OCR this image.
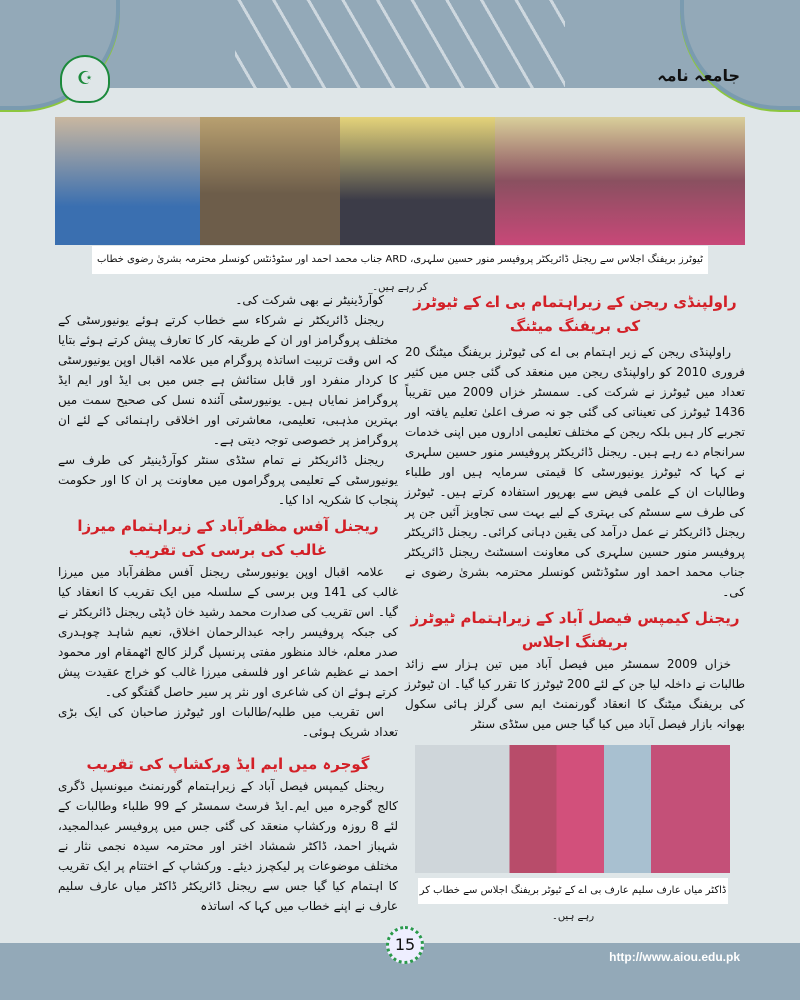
☪	جامعہ نامہ
ٹیوٹرز بریفنگ اجلاس سے ریجنل ڈائریکٹر پروفیسر منور حسین سلہری، ARD جناب محمد احمد اور سٹوڈنٹس کونسلر محترمہ بشریٰ رضوی خطاب کر رہے ہیں۔
راولپنڈی ریجن کے زیراہتمام بی اے کے ٹیوٹرز کی بریفنگ میٹنگ

راولپنڈی ریجن کے زیر اہتمام بی اے کی ٹیوٹرز بریفنگ میٹنگ 20 فروری 2010 کو راولپنڈی ریجن میں منعقد کی گئی جس میں کثیر تعداد میں ٹیوٹرز نے شرکت کی۔ سمسٹر خزاں 2009 میں تقریباً 1436 ٹیوٹرز کی تعیناتی کی گئی جو نہ صرف اعلیٰ تعلیم یافتہ اور تجربے کار ہیں بلکہ ریجن کے مختلف تعلیمی اداروں میں اپنی خدمات سرانجام دے رہے ہیں۔ ریجنل ڈائریکٹر پروفیسر منور حسین سلہری نے کہا کہ ٹیوٹرز یونیورسٹی کا قیمتی سرمایہ ہیں اور طلباء وطالبات ان کے علمی فیض سے بھرپور استفادہ کرتے ہیں۔ ٹیوٹرز کی طرف سے سسٹم کی بہتری کے لیے بہت سی تجاویز آئیں جن پر ریجنل ڈائریکٹر نے عمل درآمد کی یقین دہانی کرائی۔ ریجنل ڈائریکٹر پروفیسر منور حسین سلہری کی معاونت اسسٹنٹ ریجنل ڈائریکٹر جناب محمد احمد اور سٹوڈنٹس کونسلر محترمہ بشریٰ رضوی نے کی۔

ریجنل کیمپس فیصل آباد کے زیراہتمام ٹیوٹرز بریفنگ اجلاس

خزاں 2009 سمسٹر میں فیصل آباد میں تین ہزار سے زائد طالبات نے داخلہ لیا جن کے لئے 200 ٹیوٹرز کا تقرر کیا گیا۔ ان ٹیوٹرز کی بریفنگ میٹنگ کا انعقاد گورنمنٹ ایم سی گرلز ہائی سکول بھوانہ بازار فیصل آباد میں کیا گیا جس میں سٹڈی سنٹر

ڈاکٹر میاں عارف سلیم عارف بی اے کے ٹیوٹر بریفنگ اجلاس سے خطاب کر رہے ہیں۔

کوآرڈینیٹر نے بھی شرکت کی۔

ریجنل ڈائریکٹر نے شرکاء سے خطاب کرتے ہوئے یونیورسٹی کے مختلف پروگرامز اور ان کے طریقہ کار کا تعارف پیش کرتے ہوئے بتایا کہ اس وقت تربیت اساتذہ پروگرام میں علامہ اقبال اوپن یونیورسٹی کا کردار منفرد اور قابل ستائش ہے جس میں بی ایڈ اور ایم ایڈ پروگرامز نمایاں ہیں۔ یونیورسٹی آئندہ نسل کی صحیح سمت میں بہترین مذہبی، تعلیمی، معاشرتی اور اخلاقی راہنمائی کے لئے ان پروگرامز پر خصوصی توجہ دیتی ہے۔

ریجنل ڈائریکٹر نے تمام سٹڈی سنٹر کوآرڈینیٹر کی طرف سے یونیورسٹی کے تعلیمی پروگراموں میں معاونت پر ان کا اور حکومت پنجاب کا شکریہ ادا کیا۔

ریجنل آفس مظفرآباد کے زیراہتمام میرزا غالب کی برسی کی تقریب

علامہ اقبال اوپن یونیورسٹی ریجنل آفس مظفرآباد میں میرزا غالب کی 141 ویں برسی کے سلسلہ میں ایک تقریب کا انعقاد کیا گیا۔ اس تقریب کی صدارت محمد رشید خان ڈپٹی ریجنل ڈائریکٹر نے کی جبکہ پروفیسر راجہ عبدالرحمان اخلاق، نعیم شاہد چوہدری صدر معلم، خالد منظور مفتی پرنسپل گرلز کالج اٹھمقام اور محمود احمد نے عظیم شاعر اور فلسفی میرزا غالب کو خراج عقیدت پیش کرتے ہوئے ان کی شاعری اور نثر پر سیر حاصل گفتگو کی۔

اس تقریب میں طلبہ/طالبات اور ٹیوٹرز صاحبان کی ایک بڑی تعداد شریک ہوئی۔

گوجرہ میں ایم ایڈ ورکشاپ کی تقریب

ریجنل کیمپس فیصل آباد کے زیراہتمام گورنمنٹ میونسپل ڈگری کالج گوجرہ میں ایم۔ایڈ فرسٹ سمسٹر کے 99 طلباء وطالبات کے لئے 8 روزہ ورکشاپ منعقد کی گئی جس میں پروفیسر عبدالمجید، شہباز احمد، ڈاکٹر شمشاد اختر اور محترمہ سیدہ نجمی نثار نے مختلف موضوعات پر لیکچرز دیئے۔ ورکشاپ کے اختتام پر ایک تقریب کا اہتمام کیا گیا جس سے ریجنل ڈائریکٹر ڈاکٹر میاں عارف سلیم عارف نے اپنے خطاب میں کہا کہ اساتذہ

15
http://www.aiou.edu.pk
